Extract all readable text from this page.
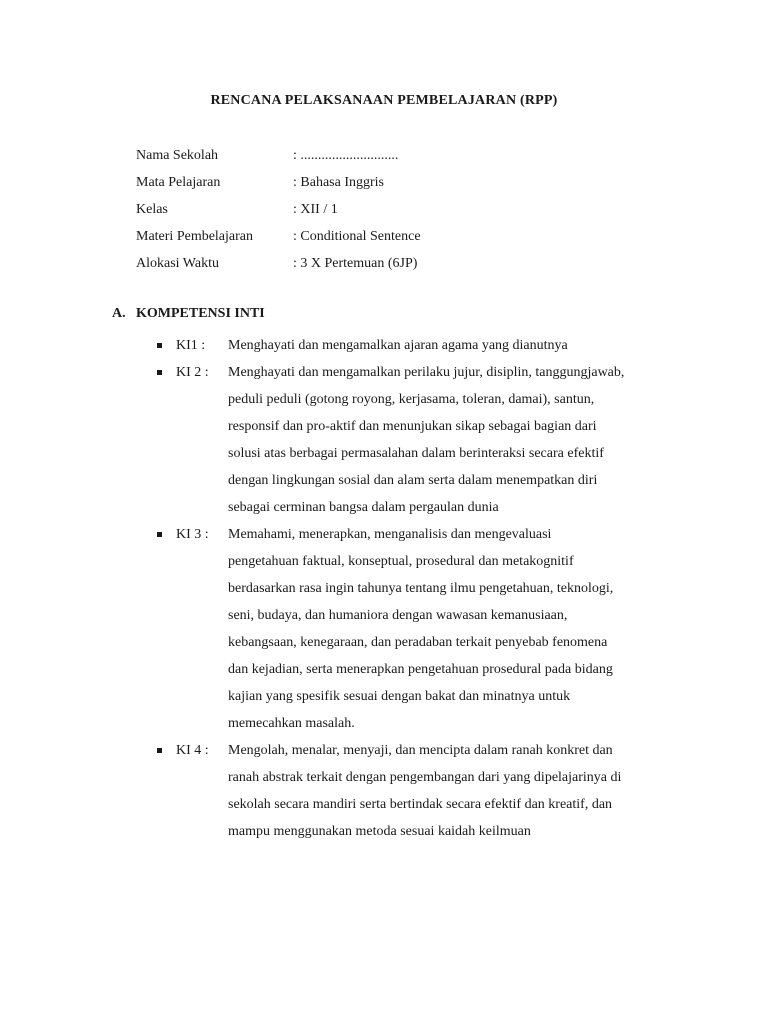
RENCANA PELAKSANAAN PEMBELAJARAN (RPP)
Nama Sekolah	: ............................
Mata Pelajaran	: Bahasa Inggris
Kelas	: XII / 1
Materi Pembelajaran	: Conditional Sentence
Alokasi Waktu	: 3 X Pertemuan (6JP)
A. KOMPETENSI INTI
KI1 : Menghayati dan mengamalkan ajaran agama yang dianutnya
KI 2 : Menghayati dan mengamalkan perilaku jujur, disiplin, tanggungjawab,
peduli peduli (gotong royong, kerjasama, toleran, damai), santun,
responsif dan pro-aktif dan menunjukan sikap sebagai bagian dari
solusi atas berbagai permasalahan dalam berinteraksi secara efektif
dengan lingkungan sosial dan alam serta dalam menempatkan diri
sebagai cerminan bangsa dalam pergaulan dunia
KI 3 : Memahami, menerapkan, menganalisis dan mengevaluasi
pengetahuan faktual, konseptual, prosedural dan metakognitif
berdasarkan rasa ingin tahunya tentang ilmu pengetahuan, teknologi,
seni, budaya, dan humaniora dengan wawasan kemanusiaan,
kebangsaan, kenegaraan, dan peradaban terkait penyebab fenomena
dan kejadian, serta menerapkan pengetahuan prosedural pada bidang
kajian yang spesifik sesuai dengan bakat dan minatnya untuk
memecahkan masalah.
KI 4 : Mengolah, menalar, menyaji, dan mencipta dalam ranah konkret dan
ranah abstrak terkait dengan pengembangan dari yang dipelajarinya di
sekolah secara mandiri serta bertindak secara efektif dan kreatif, dan
mampu menggunakan metoda sesuai kaidah keilmuan
